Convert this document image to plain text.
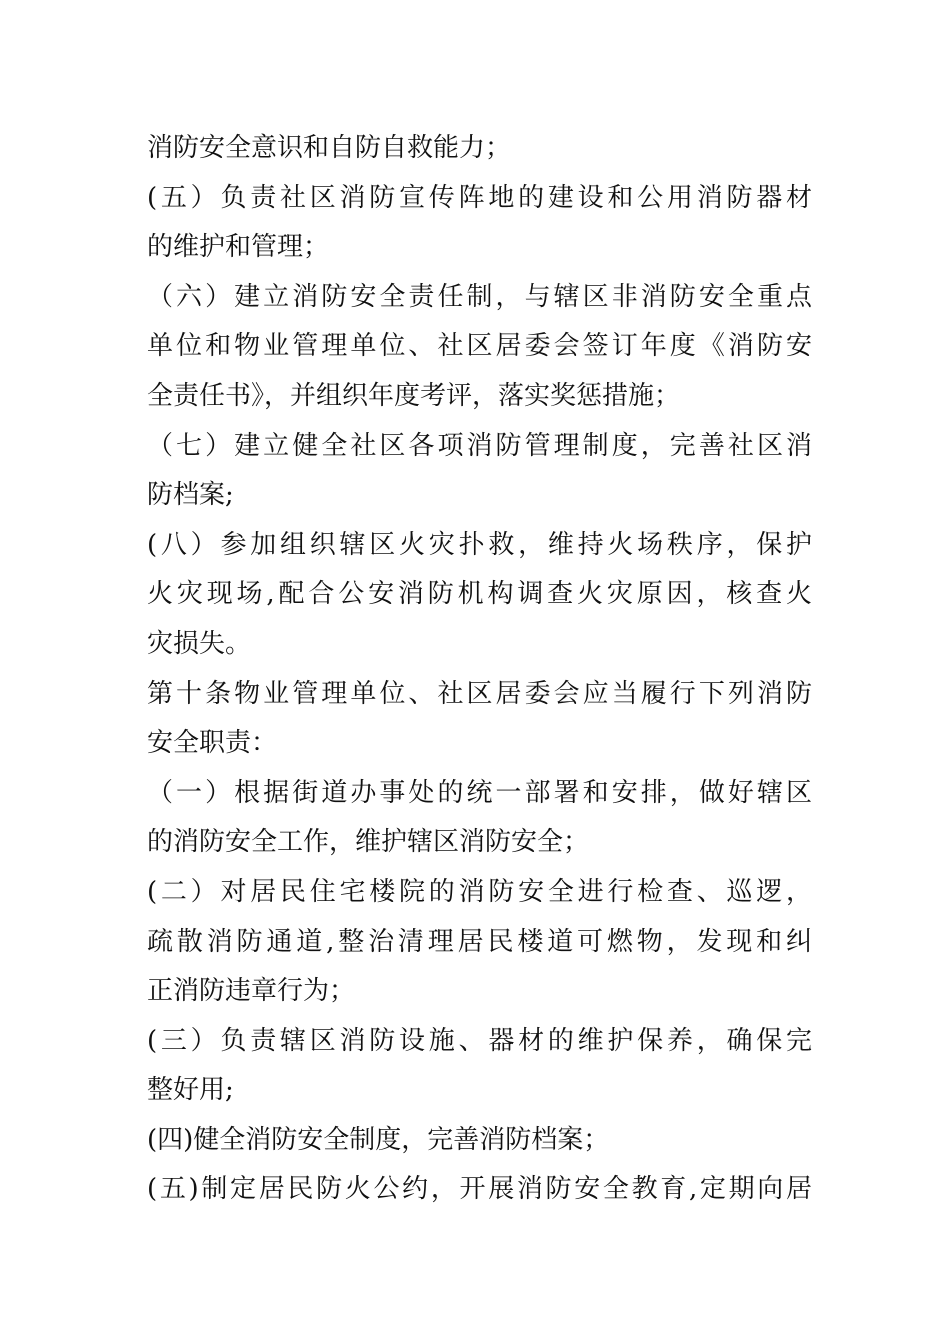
消防安全意识和自防自救能力；
(五）负责社区消防宣传阵地的建设和公用消防器材
的维护和管理；
（六）建立消防安全责任制，与辖区非消防安全重点
单位和物业管理单位、社区居委会签订年度《消防安
全责任书》，并组织年度考评，落实奖惩措施；
（七）建立健全社区各项消防管理制度，完善社区消
防档案;
(八）参加组织辖区火灾扑救，维持火场秩序，保护
火灾现场,配合公安消防机构调查火灾原因，核查火
灾损失。
第十条物业管理单位、社区居委会应当履行下列消防
安全职责：
（一）根据街道办事处的统一部署和安排，做好辖区
的消防安全工作，维护辖区消防安全；
(二）对居民住宅楼院的消防安全进行检查、巡逻，
疏散消防通道,整治清理居民楼道可燃物，发现和纠
正消防违章行为；
(三）负责辖区消防设施、器材的维护保养，确保完
整好用;
(四)健全消防安全制度，完善消防档案；
(五)制定居民防火公约，开展消防安全教育,定期向居
